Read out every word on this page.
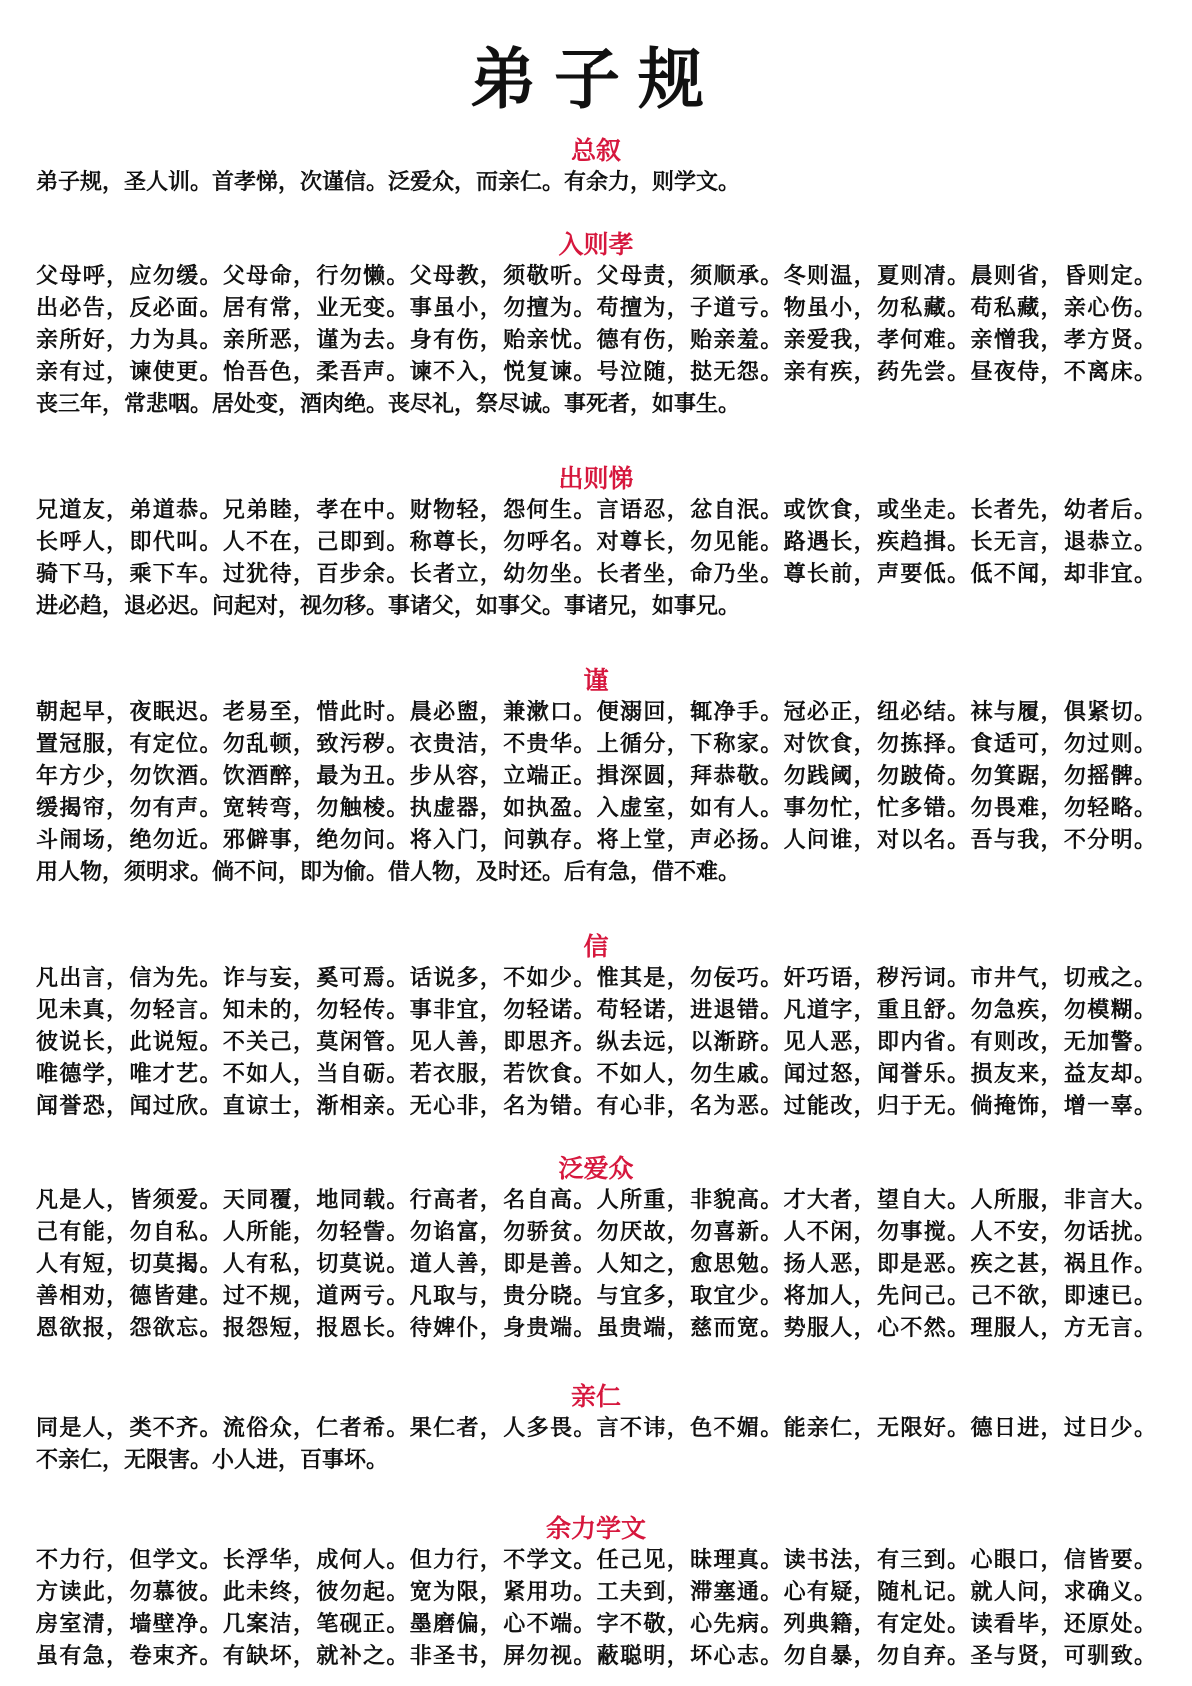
弟子规
总叙
弟子规，圣人训。首孝悌，次谨信。泛爱众，而亲仁。有余力，则学文。
入则孝
父母呼，应勿缓。父母命，行勿懒。父母教，须敬听。父母责，须顺承。冬则温，夏则凊。晨则省，昏则定。
出必告，反必面。居有常，业无变。事虽小，勿擅为。苟擅为，子道亏。物虽小，勿私藏。苟私藏，亲心伤。
亲所好，力为具。亲所恶，谨为去。身有伤，贻亲忧。德有伤，贻亲羞。亲爱我，孝何难。亲憎我，孝方贤。
亲有过，谏使更。怡吾色，柔吾声。谏不入，悦复谏。号泣随，挞无怨。亲有疾，药先尝。昼夜侍，不离床。
丧三年，常悲咽。居处变，酒肉绝。丧尽礼，祭尽诚。事死者，如事生。
出则悌
兄道友，弟道恭。兄弟睦，孝在中。财物轻，怨何生。言语忍，忿自泯。或饮食，或坐走。长者先，幼者后。
长呼人，即代叫。人不在，己即到。称尊长，勿呼名。对尊长，勿见能。路遇长，疾趋揖。长无言，退恭立。
骑下马，乘下车。过犹待，百步余。长者立，幼勿坐。长者坐，命乃坐。尊长前，声要低。低不闻，却非宜。
进必趋，退必迟。问起对，视勿移。事诸父，如事父。事诸兄，如事兄。
谨
朝起早，夜眠迟。老易至，惜此时。晨必盥，兼漱口。便溺回，辄净手。冠必正，纽必结。袜与履，俱紧切。
置冠服，有定位。勿乱顿，致污秽。衣贵洁，不贵华。上循分，下称家。对饮食，勿拣择。食适可，勿过则。
年方少，勿饮酒。饮酒醉，最为丑。步从容，立端正。揖深圆，拜恭敬。勿践阈，勿跛倚。勿箕踞，勿摇髀。
缓揭帘，勿有声。宽转弯，勿触棱。执虚器，如执盈。入虚室，如有人。事勿忙，忙多错。勿畏难，勿轻略。
斗闹场，绝勿近。邪僻事，绝勿问。将入门，问孰存。将上堂，声必扬。人问谁，对以名。吾与我，不分明。
用人物，须明求。倘不问，即为偷。借人物，及时还。后有急，借不难。
信
凡出言，信为先。诈与妄，奚可焉。话说多，不如少。惟其是，勿佞巧。奸巧语，秽污词。市井气，切戒之。
见未真，勿轻言。知未的，勿轻传。事非宜，勿轻诺。苟轻诺，进退错。凡道字，重且舒。勿急疾，勿模糊。
彼说长，此说短。不关己，莫闲管。见人善，即思齐。纵去远，以渐跻。见人恶，即内省。有则改，无加警。
唯德学，唯才艺。不如人，当自砺。若衣服，若饮食。不如人，勿生戚。闻过怒，闻誉乐。损友来，益友却。
闻誉恐，闻过欣。直谅士，渐相亲。无心非，名为错。有心非，名为恶。过能改，归于无。倘掩饰，增一辜。
泛爱众
凡是人，皆须爱。天同覆，地同载。行高者，名自高。人所重，非貌高。才大者，望自大。人所服，非言大。
己有能，勿自私。人所能，勿轻訾。勿谄富，勿骄贫。勿厌故，勿喜新。人不闲，勿事搅。人不安，勿话扰。
人有短，切莫揭。人有私，切莫说。道人善，即是善。人知之，愈思勉。扬人恶，即是恶。疾之甚，祸且作。
善相劝，德皆建。过不规，道两亏。凡取与，贵分晓。与宜多，取宜少。将加人，先问己。己不欲，即速已。
恩欲报，怨欲忘。报怨短，报恩长。待婢仆，身贵端。虽贵端，慈而宽。势服人，心不然。理服人，方无言。
亲仁
同是人，类不齐。流俗众，仁者希。果仁者，人多畏。言不讳，色不媚。能亲仁，无限好。德日进，过日少。
不亲仁，无限害。小人进，百事坏。
余力学文
不力行，但学文。长浮华，成何人。但力行，不学文。任己见，昧理真。读书法，有三到。心眼口，信皆要。
方读此，勿慕彼。此未终，彼勿起。宽为限，紧用功。工夫到，滞塞通。心有疑，随札记。就人问，求确义。
房室清，墙壁净。几案洁，笔砚正。墨磨偏，心不端。字不敬，心先病。列典籍，有定处。读看毕，还原处。
虽有急，卷束齐。有缺坏，就补之。非圣书，屏勿视。蔽聪明，坏心志。勿自暴，勿自弃。圣与贤，可驯致。
